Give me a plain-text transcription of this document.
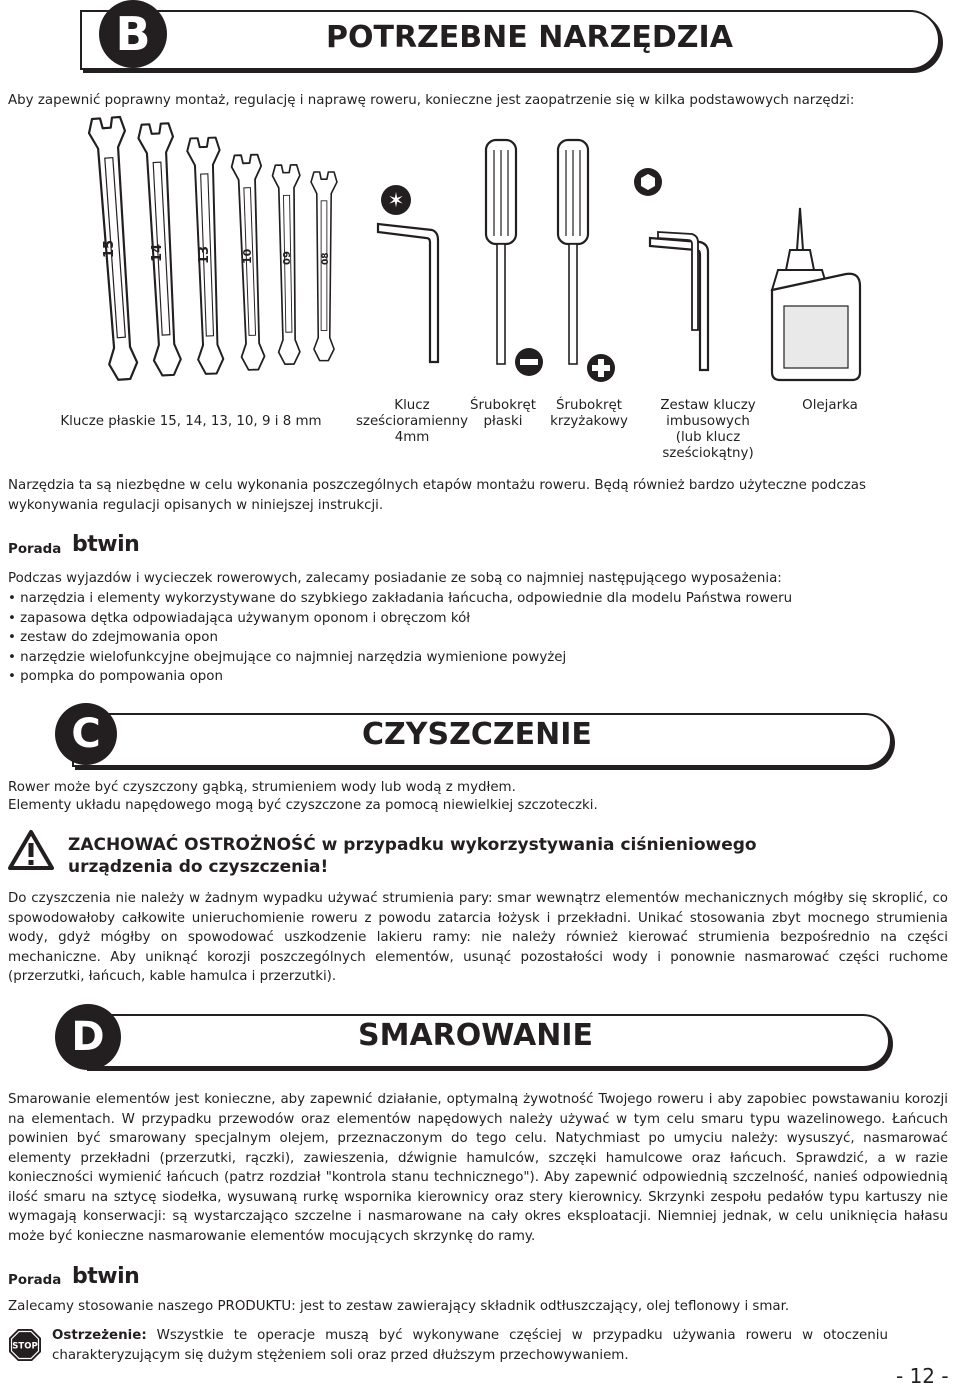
B	POTRZEBNE NARZĘDZIA
Aby zapewnić poprawny montaż, regulację i naprawę roweru, konieczne jest zaopatrzenie się w kilka podstawowych narzędzi:
15	14 13	10	09	08
✶
Klucze płaskie 15, 14, 13, 10, 9 i 8 mm
Klucz
sześcioramienny
4mm
Śrubokręt
płaski
Śrubokręt
krzyżakowy
Zestaw kluczy
imbusowych
(lub klucz
sześciokątny)
Olejarka
Narzędzia ta są niezbędne w celu wykonania poszczególnych etapów montażu roweru. Będą również bardzo użyteczne podczas wykonywania regulacji opisanych w niniejszej instrukcji.
Porada btwin
Podczas wyjazdów i wycieczek rowerowych, zalecamy posiadanie ze sobą co najmniej następującego wyposażenia:
• narzędzia i elementy wykorzystywane do szybkiego zakładania łańcucha, odpowiednie dla modelu Państwa roweru
• zapasowa dętka odpowiadająca używanym oponom i obręczom kół
• zestaw do zdejmowania opon
• narzędzie wielofunkcyjne obejmujące co najmniej narzędzia wymienione powyżej
• pompka do pompowania opon
C	CZYSZCZENIE
Rower może być czyszczony gąbką, strumieniem wody lub wodą z mydłem.
Elementy układu napędowego mogą być czyszczone za pomocą niewielkiej szczoteczki.
ZACHOWAĆ OSTROŻNOŚĆ w przypadku wykorzystywania ciśnieniowego
urządzenia do czyszczenia!
Do czyszczenia nie należy w żadnym wypadku używać strumienia pary: smar wewnątrz elementów mechanicznych mógłby się skroplić, co spowodowałoby całkowite unieruchomienie roweru z powodu zatarcia łożysk i przekładni. Unikać stosowania zbyt mocnego strumienia wody, gdyż mógłby on spowodować uszkodzenie lakieru ramy: nie należy również kierować strumienia bezpośrednio na części mechaniczne. Aby uniknąć korozji poszczególnych elementów, usunąć pozostałości wody i ponownie nasmarować części ruchome (przerzutki, łańcuch, kable hamulca i przerzutki).
D	SMAROWANIE
Smarowanie elementów jest konieczne, aby zapewnić działanie, optymalną żywotność Twojego roweru i aby zapobiec powstawaniu korozji na elementach. W przypadku przewodów oraz elementów napędowych należy używać w tym celu smaru typu wazelinowego. Łańcuch powinien być smarowany specjalnym olejem, przeznaczonym do tego celu. Natychmiast po umyciu należy: wysuszyć, nasmarować elementy przekładni (przerzutki, rączki), zawieszenia, dźwignie hamulców, szczęki hamulcowe oraz łańcuch. Sprawdzić, a w razie konieczności wymienić łańcuch (patrz rozdział "kontrola stanu technicznego"). Aby zapewnić odpowiednią szczelność, nanieś odpowiednią ilość smaru na sztycę siodełka, wysuwaną rurkę wspornika kierownicy oraz stery kierownicy. Skrzynki zespołu pedałów typu kartuszy nie wymagają konserwacji: są wystarczająco szczelne i nasmarowane na cały okres eksploatacji. Niemniej jednak, w celu uniknięcia hałasu może być konieczne nasmarowanie elementów mocujących skrzynkę do ramy.
Porada btwin
Zalecamy stosowanie naszego PRODUKTU: jest to zestaw zawierający składnik odtłuszczający, olej teflonowy i smar.
STOP
Ostrzeżenie: Wszystkie te operacje muszą być wykonywane częściej w przypadku używania roweru w otoczeniu charakteryzującym się dużym stężeniem soli oraz przed dłuższym przechowywaniem.
- 12 -
